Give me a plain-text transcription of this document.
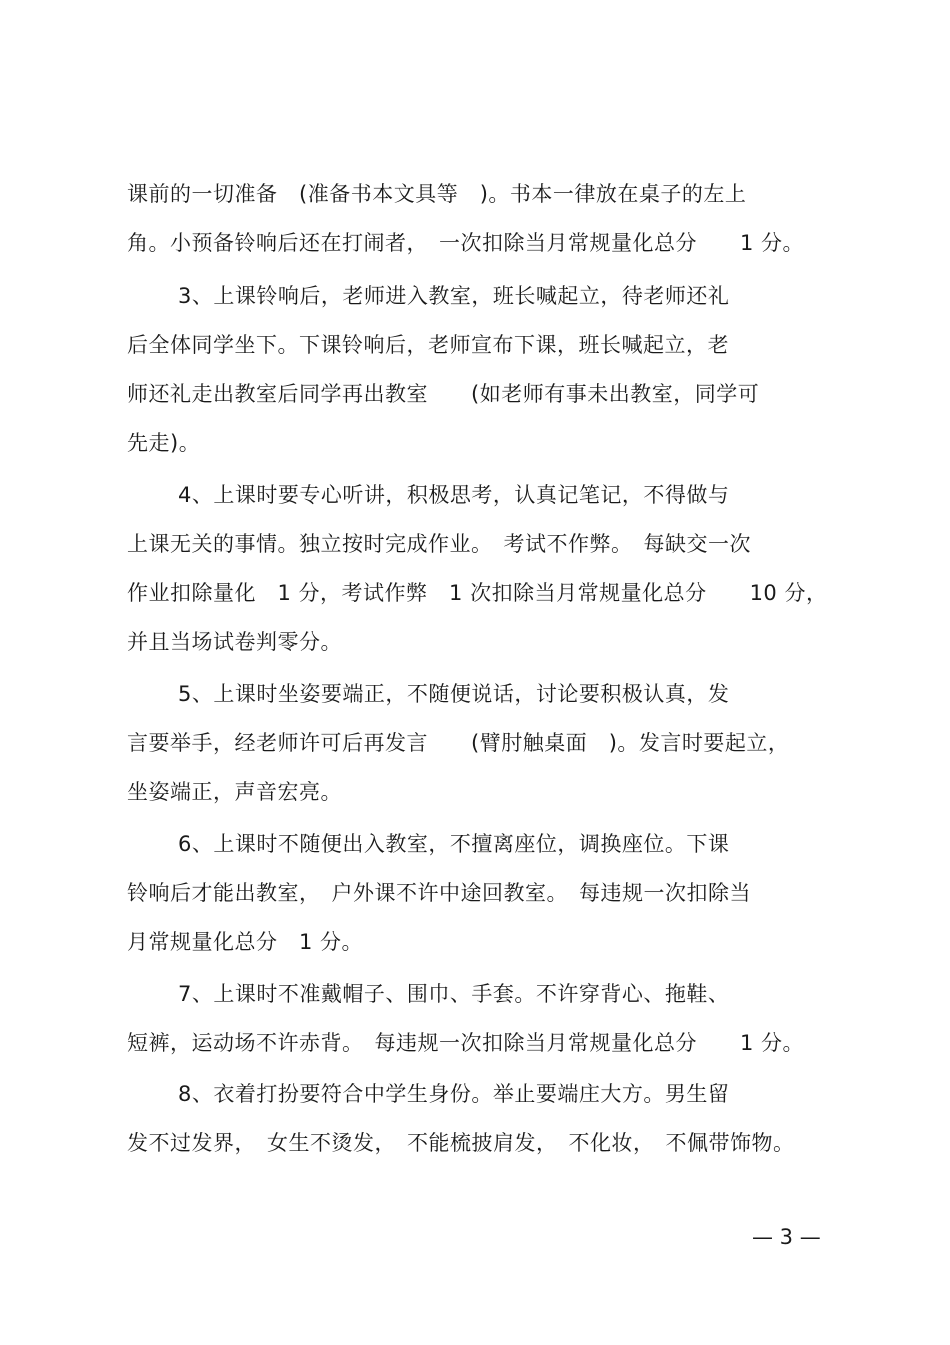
课前的一切准备　(准备书本文具等　)。书本一律放在桌子的左上
角。小预备铃响后还在打闹者，　一次扣除当月常规量化总分　　1 分。
3、上课铃响后，老师进入教室，班长喊起立，待老师还礼
后全体同学坐下。下课铃响后，老师宣布下课，班长喊起立，老
师还礼走出教室后同学再出教室　　(如老师有事未出教室，同学可
先走)。
4、上课时要专心听讲，积极思考，认真记笔记，不得做与
上课无关的事情。独立按时完成作业。　考试不作弊。　每缺交一次
作业扣除量化　1 分，考试作弊　1 次扣除当月常规量化总分　　10 分，
并且当场试卷判零分。
5、上课时坐姿要端正，不随便说话，讨论要积极认真，发
言要举手，经老师许可后再发言　　(臂肘触桌面　)。发言时要起立，
坐姿端正，声音宏亮。
6、上课时不随便出入教室，不擅离座位，调换座位。下课
铃响后才能出教室，　户外课不许中途回教室。　每违规一次扣除当
月常规量化总分　1 分。
7、上课时不准戴帽子、围巾、手套。不许穿背心、拖鞋、
短裤，运动场不许赤背。　每违规一次扣除当月常规量化总分　　1 分。
8、衣着打扮要符合中学生身份。举止要端庄大方。男生留
发不过发界，　女生不烫发，　不能梳披肩发，　不化妆，　不佩带饰物。
— 3 —
